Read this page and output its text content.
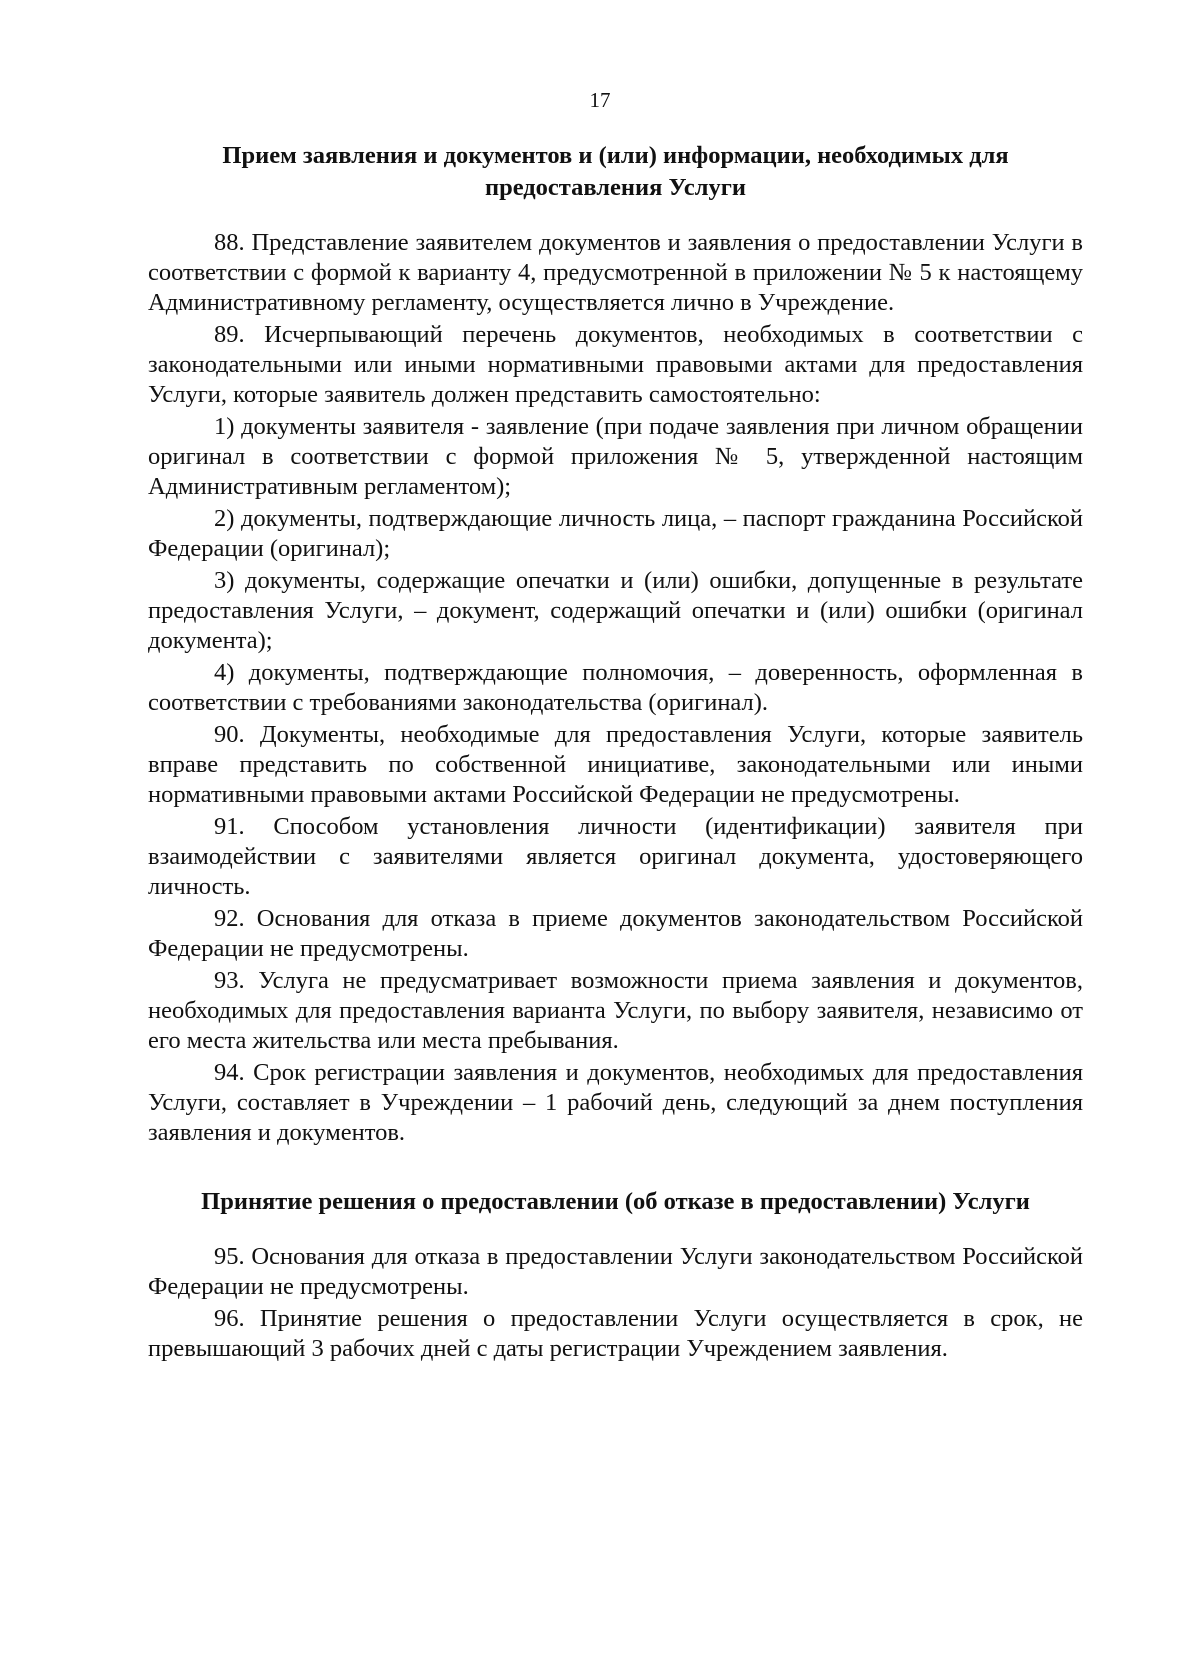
17
Прием заявления и документов и (или) информации, необходимых для предоставления Услуги

88. Представление заявителем документов и заявления о предоставлении Услуги в соответствии с формой к варианту 4, предусмотренной в приложении № 5 к настоящему Административному регламенту, осуществляется лично в Учреждение.

89. Исчерпывающий перечень документов, необходимых в соответствии с законодательными или иными нормативными правовыми актами для предоставления Услуги, которые заявитель должен представить самостоятельно:

1) документы заявителя - заявление (при подаче заявления при личном обращении оригинал в соответствии с формой приложения № 5, утвержденной настоящим Административным регламентом);

2) документы, подтверждающие личность лица, – паспорт гражданина Российской Федерации (оригинал);

3) документы, содержащие опечатки и (или) ошибки, допущенные в результате предоставления Услуги, – документ, содержащий опечатки и (или) ошибки (оригинал документа);

4) документы, подтверждающие полномочия, – доверенность, оформленная в соответствии с требованиями законодательства (оригинал).

90. Документы, необходимые для предоставления Услуги, которые заявитель вправе представить по собственной инициативе, законодательными или иными нормативными правовыми актами Российской Федерации не предусмотрены.

91. Способом установления личности (идентификации) заявителя при взаимодействии с заявителями является оригинал документа, удостоверяющего личность.

92. Основания для отказа в приеме документов законодательством Российской Федерации не предусмотрены.

93. Услуга не предусматривает возможности приема заявления и документов, необходимых для предоставления варианта Услуги, по выбору заявителя, независимо от его места жительства или места пребывания.

94. Срок регистрации заявления и документов, необходимых для предоставления Услуги, составляет в Учреждении – 1 рабочий день, следующий за днем поступления заявления и документов.

Принятие решения о предоставлении (об отказе в предоставлении) Услуги

95. Основания для отказа в предоставлении Услуги законодательством Российской Федерации не предусмотрены.

96. Принятие решения о предоставлении Услуги осуществляется в срок, не превышающий 3 рабочих дней с даты регистрации Учреждением заявления.
